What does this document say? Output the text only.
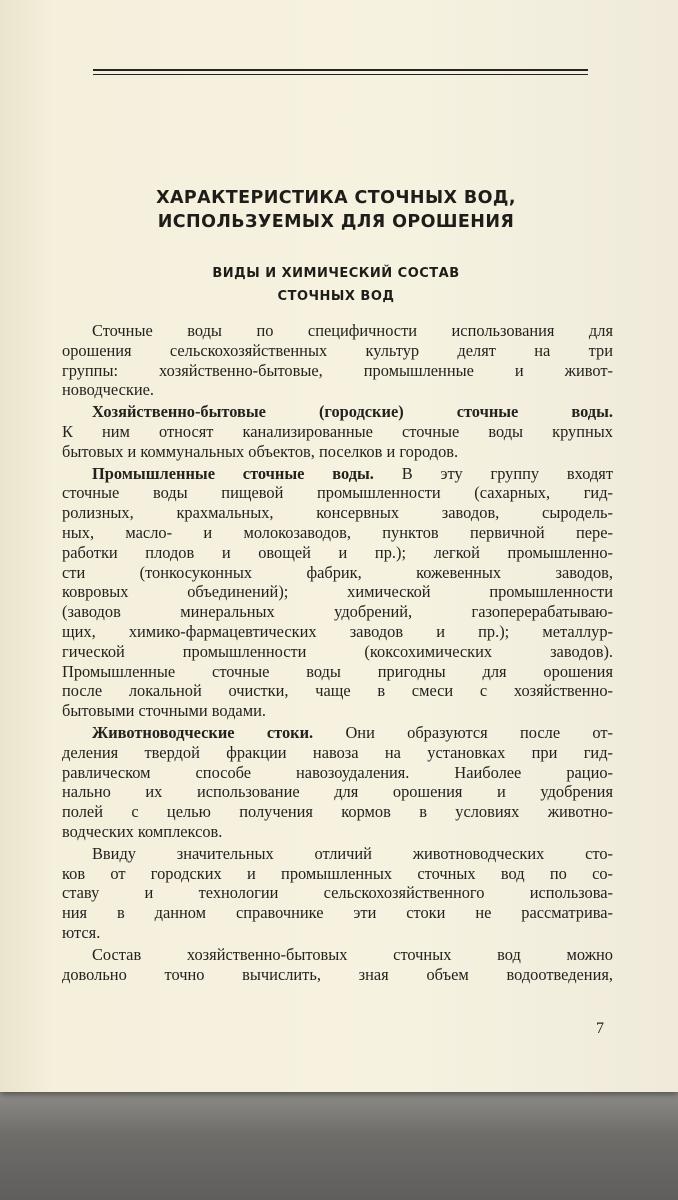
ХАРАКТЕРИСТИКА СТОЧНЫХ ВОД,
ИСПОЛЬЗУЕМЫХ ДЛЯ ОРОШЕНИЯ
ВИДЫ И ХИМИЧЕСКИЙ СОСТАВ
СТОЧНЫХ ВОД
Сточные воды по специфичности использования для
орошения сельскохозяйственных культур делят на три
группы: хозяйственно-бытовые, промышленные и живот-
новодческие.
Хозяйственно-бытовые (городские) сточные воды.
К ним относят канализированные сточные воды крупных
бытовых и коммунальных объектов, поселков и городов.
Промышленные сточные воды. В эту группу входят
сточные воды пищевой промышленности (сахарных, гид-
ролизных, крахмальных, консервных заводов, сыродель-
ных, масло- и молокозаводов, пунктов первичной пере-
работки плодов и овощей и пр.); легкой промышленно-
сти (тонкосуконных фабрик, кожевенных заводов,
ковровых объединений); химической промышленности
(заводов минеральных удобрений, газоперерабатываю-
щих, химико-фармацевтических заводов и пр.); металлур-
гической промышленности (коксохимических заводов).
Промышленные сточные воды пригодны для орошения
после локальной очистки, чаще в смеси с хозяйственно-
бытовыми сточными водами.
Животноводческие стоки. Они образуются после от-
деления твердой фракции навоза на установках при гид-
равлическом способе навозоудаления. Наиболее рацио-
нально их использование для орошения и удобрения
полей с целью получения кормов в условиях животно-
водческих комплексов.
Ввиду значительных отличий животноводческих сто-
ков от городских и промышленных сточных вод по со-
ставу и технологии сельскохозяйственного использова-
ния в данном справочнике эти стоки не рассматрива-
ются.
Состав хозяйственно-бытовых сточных вод можно
довольно точно вычислить, зная объем водоотведения,
7
